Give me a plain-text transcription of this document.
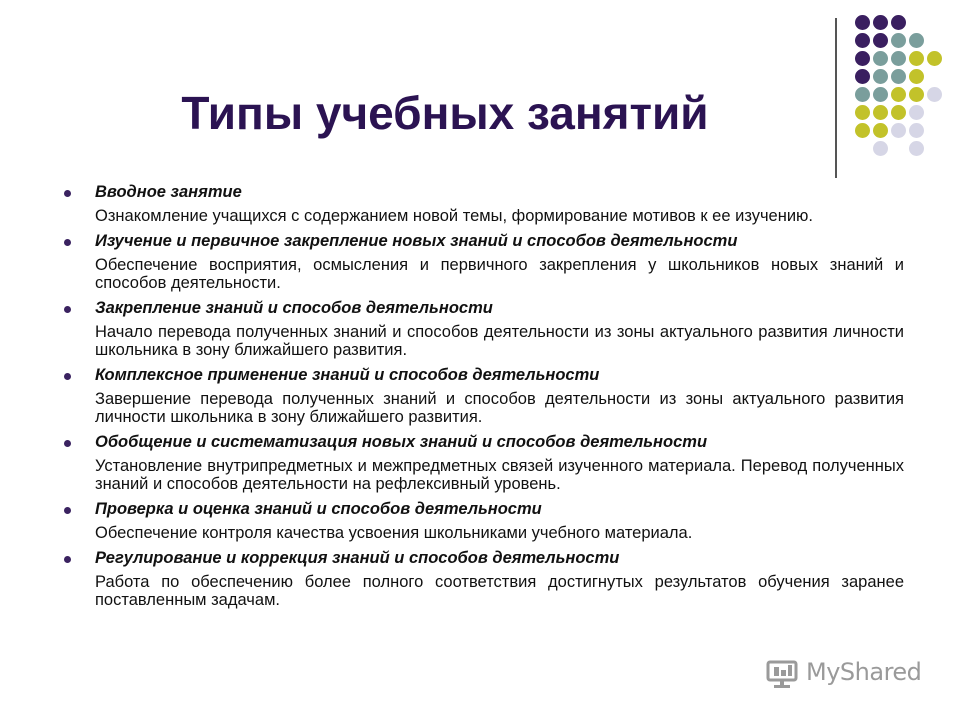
Типы учебных занятий
Вводное занятие
Ознакомление учащихся с содержанием новой темы, формирование мотивов к ее изучению.
Изучение и первичное закрепление новых знаний и способов деятельности
Обеспечение восприятия, осмысления и первичного закрепления у школьников новых знаний и способов деятельности.
Закрепление знаний и способов деятельности
Начало перевода полученных знаний и способов деятельности из зоны актуального развития личности школьника в зону ближайшего развития.
Комплексное применение знаний и способов деятельности
Завершение перевода полученных знаний и способов деятельности из зоны актуального развития личности школьника в зону ближайшего развития.
Обобщение и систематизация новых знаний и способов деятельности
Установление внутрипредметных и межпредметных связей изученного материала. Перевод полученных знаний и способов деятельности на рефлексивный уровень.
Проверка и оценка знаний и способов деятельности
Обеспечение контроля качества усвоения школьниками учебного материала.
Регулирование и коррекция знаний и способов деятельности
Работа по обеспечению более полного соответствия достигнутых результатов обучения заранее поставленным задачам.
MyShared
